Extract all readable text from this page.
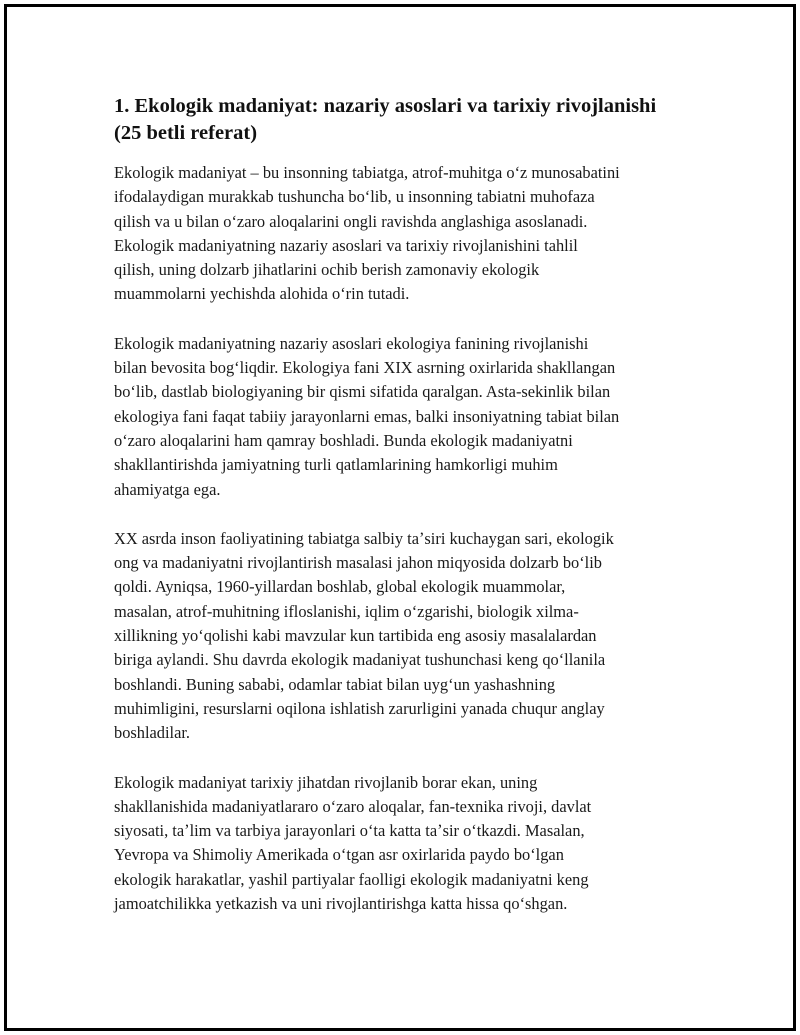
1. Ekologik madaniyat: nazariy asoslari va tarixiy rivojlanishi
(25 betli referat)

Ekologik madaniyat – bu insonning tabiatga, atrof-muhitga oʻz munosabatini
ifodalaydigan murakkab tushuncha boʻlib, u insonning tabiatni muhofaza
qilish va u bilan oʻzaro aloqalarini ongli ravishda anglashiga asoslanadi.
Ekologik madaniyatning nazariy asoslari va tarixiy rivojlanishini tahlil
qilish, uning dolzarb jihatlarini ochib berish zamonaviy ekologik
muammolarni yechishda alohida oʻrin tutadi.

Ekologik madaniyatning nazariy asoslari ekologiya fanining rivojlanishi
bilan bevosita bogʻliqdir. Ekologiya fani XIX asrning oxirlarida shakllangan
boʻlib, dastlab biologiyaning bir qismi sifatida qaralgan. Asta-sekinlik bilan
ekologiya fani faqat tabiiy jarayonlarni emas, balki insoniyatning tabiat bilan
oʻzaro aloqalarini ham qamray boshladi. Bunda ekologik madaniyatni
shakllantirishda jamiyatning turli qatlamlarining hamkorligi muhim
ahamiyatga ega.

XX asrda inson faoliyatining tabiatga salbiy taʼsiri kuchaygan sari, ekologik
ong va madaniyatni rivojlantirish masalasi jahon miqyosida dolzarb boʻlib
qoldi. Ayniqsa, 1960-yillardan boshlab, global ekologik muammolar,
masalan, atrof-muhitning ifloslanishi, iqlim oʻzgarishi, biologik xilma-
xillikning yoʻqolishi kabi mavzular kun tartibida eng asosiy masalalardan
biriga aylandi. Shu davrda ekologik madaniyat tushunchasi keng qoʻllanila
boshlandi. Buning sababi, odamlar tabiat bilan uygʻun yashashning
muhimligini, resurslarni oqilona ishlatish zarurligini yanada chuqur anglay
boshladilar.

Ekologik madaniyat tarixiy jihatdan rivojlanib borar ekan, uning
shakllanishida madaniyatlararo oʻzaro aloqalar, fan-texnika rivoji, davlat
siyosati, taʼlim va tarbiya jarayonlari oʻta katta taʼsir oʻtkazdi. Masalan,
Yevropa va Shimoliy Amerikada oʻtgan asr oxirlarida paydo boʻlgan
ekologik harakatlar, yashil partiyalar faolligi ekologik madaniyatni keng
jamoatchilikka yetkazish va uni rivojlantirishga katta hissa qoʻshgan.
